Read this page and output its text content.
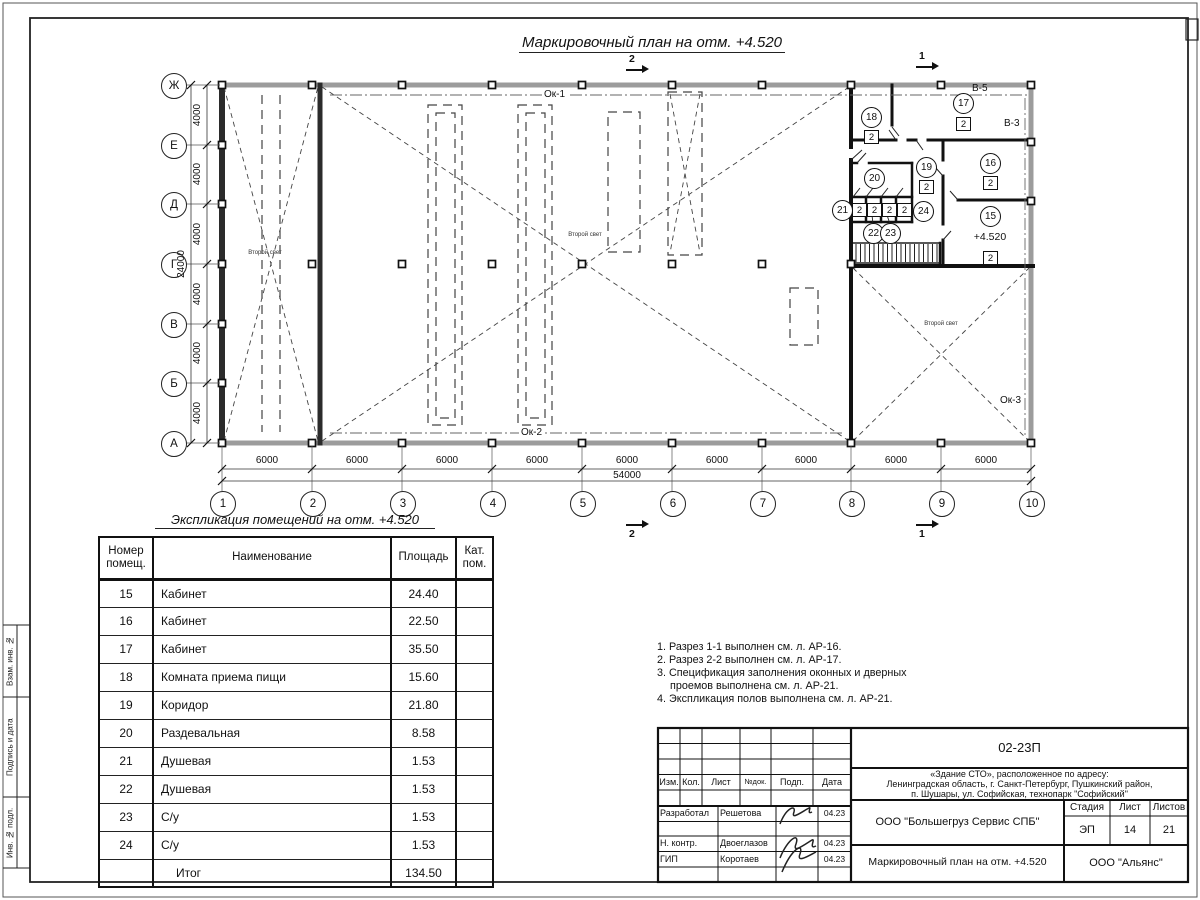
Маркировочный план на отм. +4.520
2	1
2	1
Ок-1
Ок-2
Ок-3
В-5
В-3
Второй свет
Второй свет
Второй свет
15
16
17
18
19
20
21
22 23
24
2
2
2	2
2
2	2	2	2
+4.520
1	2	3	4	5	6	7	8	9	10
Ж
Е
Д
Г
В
Б
А
6000	6000	6000	6000	6000	6000	6000	6000	6000
54000
4000
4000
4000
4000
4000
4000
24000
Экспликация помещений на отм. +4.520
Номер помещ.	Наименование	Площадь	Кат. пом.
15	Кабинет	24.40	
16	Кабинет	22.50	
17	Кабинет	35.50	
18	Комната приема пищи	15.60	
19	Коридор	21.80	
20	Раздевальная	8.58	
21	Душевая	1.53	
22	Душевая	1.53	
23	С/у	1.53	
24	С/у	1.53	
	Итог	134.50	
1. Разрез 1-1 выполнен см. л. АР-16.
2. Разрез 2-2 выполнен см. л. АР-17.
3. Спецификация заполнения оконных и дверных
проемов выполнена см. л. АР-21.
4. Экспликация полов выполнена см. л. АР-21.
02-23П
«Здание СТО», расположенное по адресу:
Ленинградская область, г. Санкт-Петербург, Пушкинский район,
п. Шушары, ул. Софийская, технопарк "Софийский"
ООО "Большегруз Сервис СПБ"
Стадия	Лист	Листов
ЭП	14	21
Маркировочный план на отм. +4.520	ООО "Альянс"
Изм. Кол.	Лист	№док.	Подп.	Дата
Разработал	Решетова	04.23
Н. контр.	Двоеглазов	04.23
ГИП	Коротаев	04.23
Взам. инв. №
Подпись и дата
Инв. № подл.
